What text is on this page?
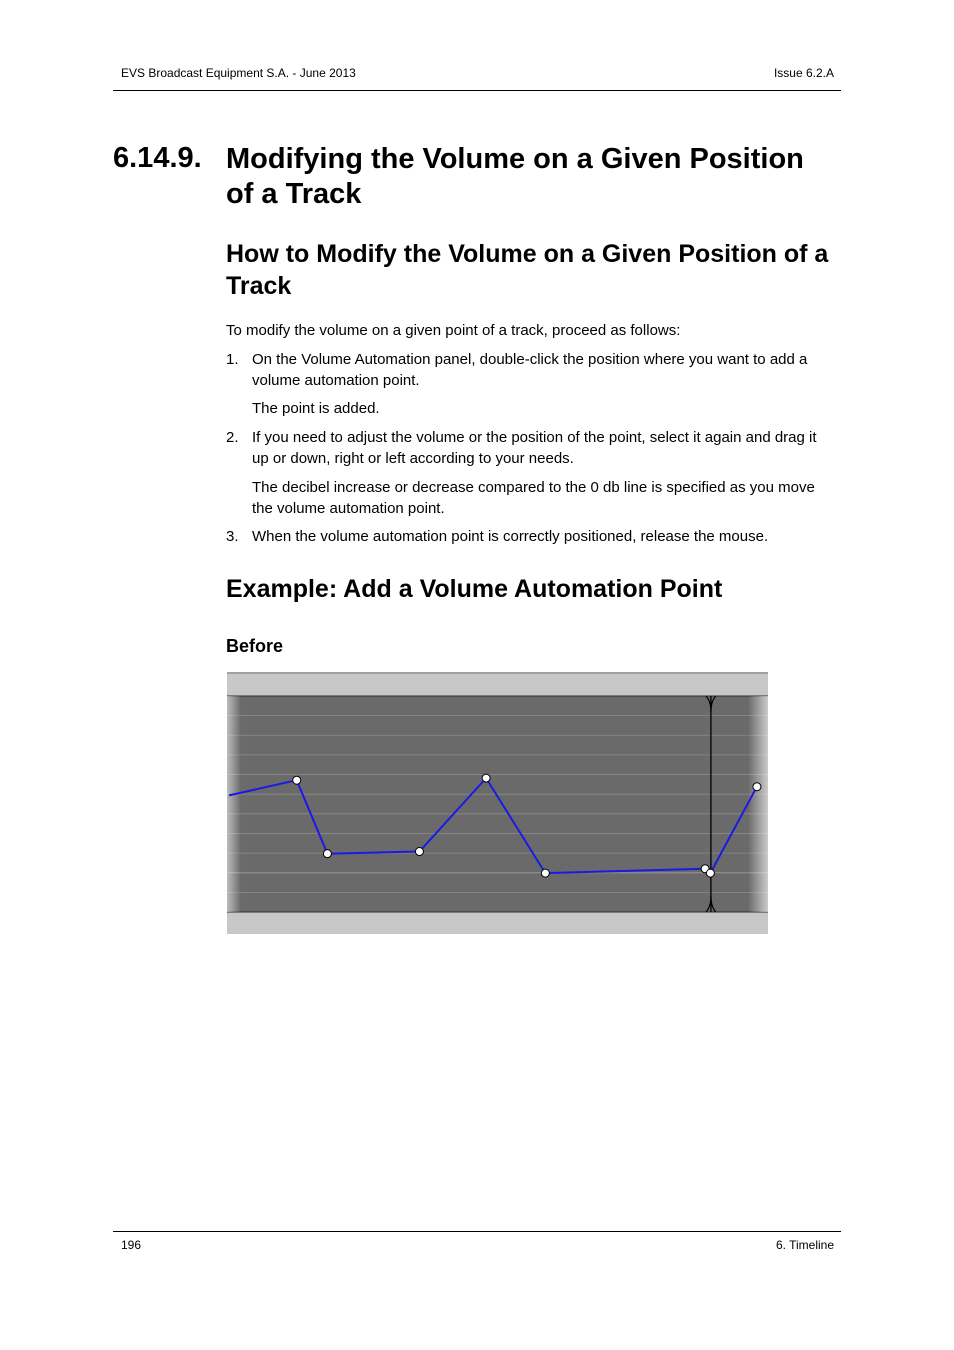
EVS Broadcast Equipment S.A. - June 2013	Issue 6.2.A
6.14.9. Modifying the Volume on a Given Position of a Track
How to Modify the Volume on a Given Position of a Track

To modify the volume on a given point of a track, proceed as follows:

1. On the Volume Automation panel, double-click the position where you want to add a volume automation point.

The point is added.

2. If you need to adjust the volume or the position of the point, select it again and drag it up or down, right or left according to your needs.

The decibel increase or decrease compared to the 0 db line is specified as you move the volume automation point.

3. When the volume automation point is correctly positioned, release the mouse.
Example: Add a Volume Automation Point
Before
196	6. Timeline
